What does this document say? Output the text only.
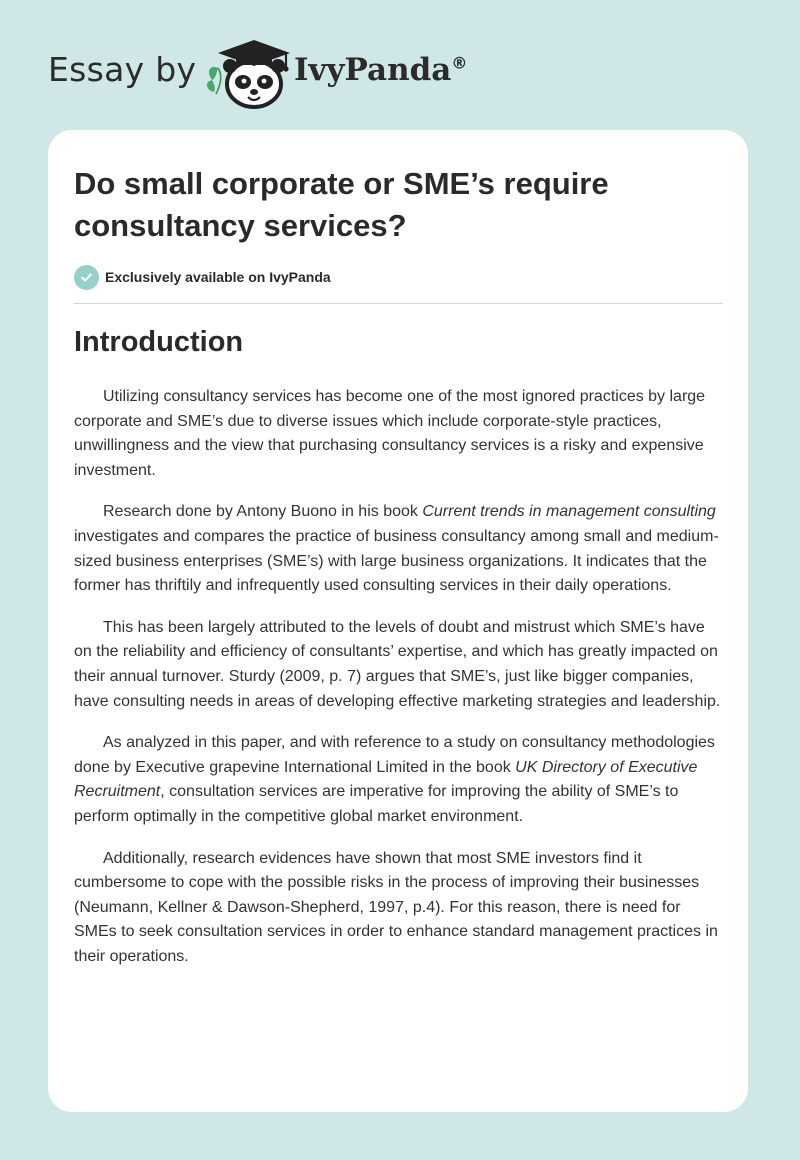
Essay by	IvyPanda®
Do small corporate or SME’s require consultancy services?
Exclusively available on IvyPanda
Introduction

Utilizing consultancy services has become one of the most ignored practices by large corporate and SME’s due to diverse issues which include corporate-style practices, unwillingness and the view that purchasing consultancy services is a risky and expensive investment.

Research done by Antony Buono in his book Current trends in management consulting investigates and compares the practice of business consultancy among small and medium-sized business enterprises (SME’s) with large business organizations. It indicates that the former has thriftily and infrequently used consulting services in their daily operations.

This has been largely attributed to the levels of doubt and mistrust which SME’s have on the reliability and efficiency of consultants’ expertise, and which has greatly impacted on their annual turnover. Sturdy (2009, p. 7) argues that SME’s, just like bigger companies, have consulting needs in areas of developing effective marketing strategies and leadership.

As analyzed in this paper, and with reference to a study on consultancy methodologies done by Executive grapevine International Limited in the book UK Directory of Executive Recruitment, consultation services are imperative for improving the ability of SME’s to perform optimally in the competitive global market environment.

Additionally, research evidences have shown that most SME investors find it cumbersome to cope with the possible risks in the process of improving their businesses (Neumann, Kellner & Dawson-Shepherd, 1997, p.4). For this reason, there is need for SMEs to seek consultation services in order to enhance standard management practices in their operations.
